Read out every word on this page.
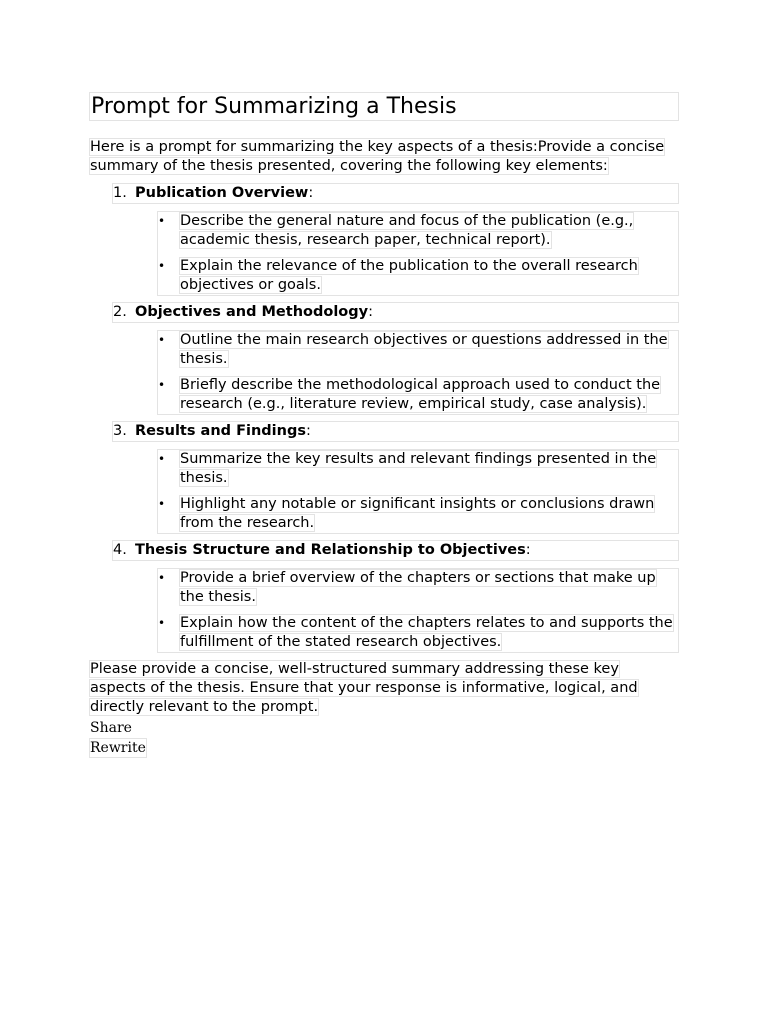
Prompt for Summarizing a Thesis

Here is a prompt for summarizing the key aspects of a thesis:Provide a concise summary of the thesis presented, covering the following key elements:

1. Publication Overview:
• Describe the general nature and focus of the publication (e.g., academic thesis, research paper, technical report).
• Explain the relevance of the publication to the overall research objectives or goals.
2. Objectives and Methodology:
• Outline the main research objectives or questions addressed in the thesis.
• Briefly describe the methodological approach used to conduct the research (e.g., literature review, empirical study, case analysis).
3. Results and Findings:
• Summarize the key results and relevant findings presented in the thesis.
• Highlight any notable or significant insights or conclusions drawn from the research.
4. Thesis Structure and Relationship to Objectives:
• Provide a brief overview of the chapters or sections that make up the thesis.
• Explain how the content of the chapters relates to and supports the fulfillment of the stated research objectives.

Please provide a concise, well-structured summary addressing these key aspects of the thesis. Ensure that your response is informative, logical, and directly relevant to the prompt.

Share
Rewrite
